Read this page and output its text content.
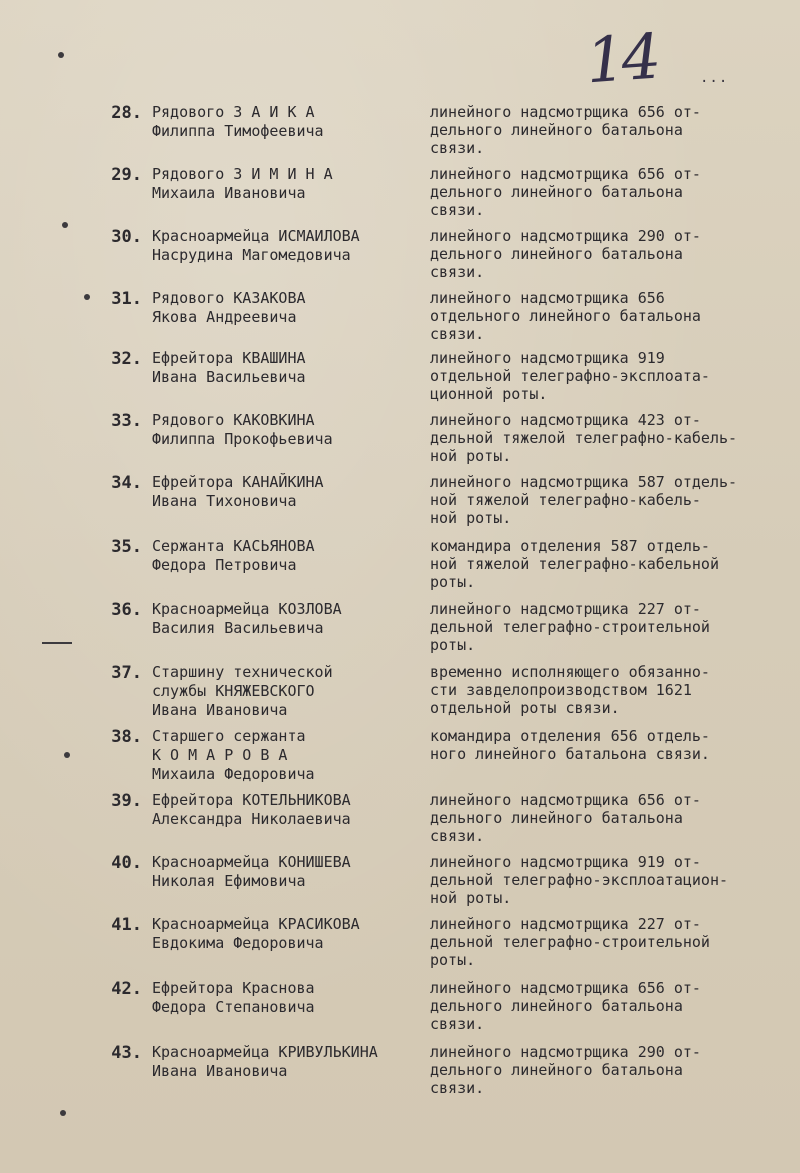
14	...
28. Рядового З А И К А
Филиппа Тимофеевича
линейного надсмотрщика 656 от-
дельного линейного батальона
связи.
29. Рядового З И М И Н А
Михаила Ивановича
линейного надсмотрщика 656 от-
дельного линейного батальона
связи.
30. Красноармейца ИСМАИЛОВА
Насрудина Магомедовича
линейного надсмотрщика 290 от-
дельного линейного батальона
связи.
31. Рядового КАЗАКОВА
Якова Андреевича
линейного надсмотрщика 656
отдельного линейного батальона
связи.
32. Ефрейтора КВАШИНА
Ивана Васильевича
линейного надсмотрщика 919
отдельной телеграфно-эксплоата-
ционной роты.
33. Рядового КАКОВКИНА
Филиппа Прокофьевича
линейного надсмотрщика 423 от-
дельной тяжелой телеграфно-кабель-
ной роты.
34. Ефрейтора КАНАЙКИНА
Ивана Тихоновича
линейного надсмотрщика 587 отдель-
ной тяжелой телеграфно-кабель-
ной роты.
35. Сержанта КАСЬЯНОВА
Федора Петровича
командира отделения 587 отдель-
ной тяжелой телеграфно-кабельной
роты.
36. Красноармейца КОЗЛОВА
Василия Васильевича
линейного надсмотрщика 227 от-
дельной телеграфно-строительной
роты.
37. Старшину технической
службы КНЯЖЕВСКОГО
Ивана Ивановича
временно исполняющего обязанно-
сти завделопроизводством 1621
отдельной роты связи.
38. Старшего сержанта
К О М А Р О В А
Михаила Федоровича
командира отделения 656 отдель-
ного линейного батальона связи.
39. Ефрейтора КОТЕЛЬНИКОВА
Александра Николаевича
линейного надсмотрщика 656 от-
дельного линейного батальона
связи.
40. Красноармейца КОНИШЕВА
Николая Ефимовича
линейного надсмотрщика 919 от-
дельной телеграфно-эксплоатацион-
ной роты.
41. Красноармейца КРАСИКОВА
Евдокима Федоровича
линейного надсмотрщика 227 от-
дельной телеграфно-строительной
роты.
42. Ефрейтора Краснова
Федора Степановича
линейного надсмотрщика 656 от-
дельного линейного батальона
связи.
43. Красноармейца КРИВУЛЬКИНА
Ивана Ивановича
линейного надсмотрщика 290 от-
дельного линейного батальона
связи.
